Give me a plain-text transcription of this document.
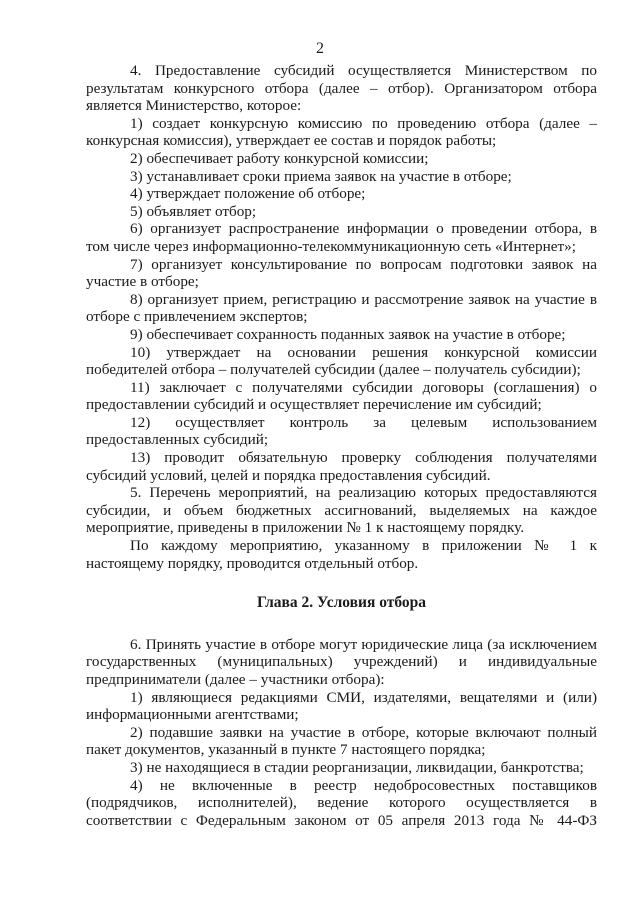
2

4. Предоставление субсидий осуществляется Министерством по результатам конкурсного отбора (далее – отбор). Организатором отбора является Министерство, которое:

1) создает конкурсную комиссию по проведению отбора (далее – конкурсная комиссия), утверждает ее состав и порядок работы;

2) обеспечивает работу конкурсной комиссии;

3) устанавливает сроки приема заявок на участие в отборе;

4) утверждает положение об отборе;

5) объявляет отбор;

6) организует распространение информации о проведении отбора, в том числе через информационно-телекоммуникационную сеть «Интернет»;

7) организует консультирование по вопросам подготовки заявок на участие в отборе;

8) организует прием, регистрацию и рассмотрение заявок на участие в отборе с привлечением экспертов;

9) обеспечивает сохранность поданных заявок на участие в отборе;

10) утверждает на основании решения конкурсной комиссии победителей отбора – получателей субсидии (далее – получатель субсидии);

11) заключает с получателями субсидии договоры (соглашения) о предоставлении субсидий и осуществляет перечисление им субсидий;

12) осуществляет контроль за целевым использованием предоставленных субсидий;

13) проводит обязательную проверку соблюдения получателями субсидий условий, целей и порядка предоставления субсидий.

5. Перечень мероприятий, на реализацию которых предоставляются субсидии, и объем бюджетных ассигнований, выделяемых на каждое мероприятие, приведены в приложении № 1 к настоящему порядку.

По каждому мероприятию, указанному в приложении № 1 к настоящему порядку, проводится отдельный отбор.

Глава 2. Условия отбора

6. Принять участие в отборе могут юридические лица (за исключением государственных (муниципальных) учреждений) и индивидуальные предприниматели (далее – участники отбора):

1) являющиеся редакциями СМИ, издателями, вещателями и (или) информационными агентствами;

2) подавшие заявки на участие в отборе, которые включают полный пакет документов, указанный в пункте 7 настоящего порядка;

3) не находящиеся в стадии реорганизации, ликвидации, банкротства;

4) не включенные в реестр недобросовестных поставщиков (подрядчиков, исполнителей), ведение которого осуществляется в соответствии с Федеральным законом от 05 апреля 2013 года № 44-ФЗ
